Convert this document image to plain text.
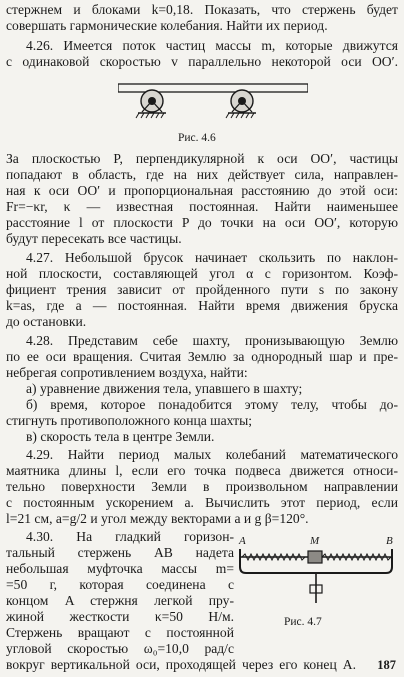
стержнем и блоками k=0,18. Показать, что стержень будет
совершать гармонические колебания. Найти их период.
4.26. Имеется поток частиц массы m, которые движутся
с одинаковой скоростью v параллельно некоторой оси OO′.
Рис. 4.6
За плоскостью P, перпендикулярной к оси OO′, частицы
попадают в область, где на них действует сила, направлен-
ная к оси OO′ и пропорциональная расстоянию до этой оси:
Fr=−κr, κ — известная постоянная. Найти наименьшее
расстояние l от плоскости P до точки на оси OO′, которую
будут пересекать все частицы.
4.27. Небольшой брусок начинает скользить по наклон-
ной плоскости, составляющей угол α с горизонтом. Коэф-
фициент трения зависит от пройденного пути s по закону
k=as, где a — постоянная. Найти время движения бруска
до остановки.
4.28. Представим себе шахту, пронизывающую Землю
по ее оси вращения. Считая Землю за однородный шар и пре-
небрегая сопротивлением воздуха, найти:
а) уравнение движения тела, упавшего в шахту;
б) время, которое понадобится этому телу, чтобы до-
стигнуть противоположного конца шахты;
в) скорость тела в центре Земли.
4.29. Найти период малых колебаний математического
маятника длины l, если его точка подвеса движется относи-
тельно поверхности Земли в произвольном направлении
с постоянным ускорением a. Вычислить этот период, если
l=21 см, a=g/2 и угол между векторами a и g β=120°.
4.30. На гладкий горизон-
тальный стержень AB надета
небольшая муфточка массы m=
=50 г, которая соединена с
концом A стержня легкой пру-
жиной жесткости κ=50 Н/м.
Стержень вращают с постоянной
угловой скоростью ω₀=10,0 рад/с
A	M	B
Рис. 4.7
вокруг вертикальной оси, проходящей через его конец A. 187
